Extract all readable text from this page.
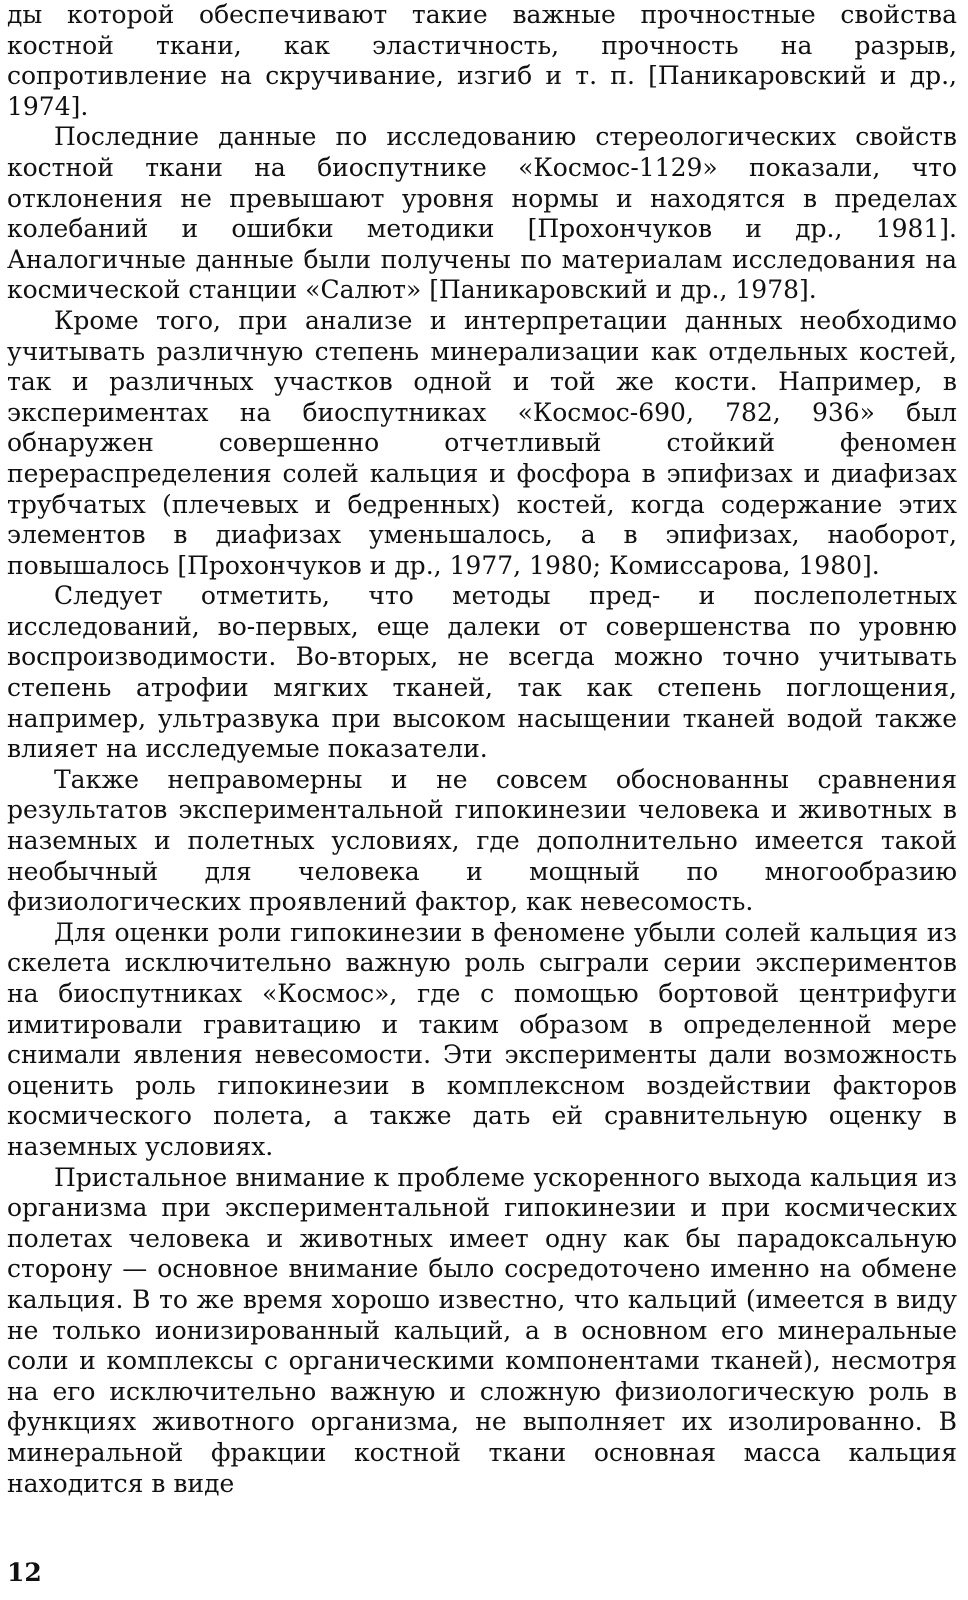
ды которой обеспечивают такие важные прочностные свойства костной ткани, как эластичность, прочность на разрыв, сопротивление на скручивание, изгиб и т. п. [Паникаровский и др., 1974].

Последние данные по исследованию стереологических свойств костной ткани на биоспутнике «Космос-1129» показали, что отклонения не превышают уровня нормы и находятся в пределах колебаний и ошибки методики [Прохончуков и др., 1981]. Аналогичные данные были получены по материалам исследования на космической станции «Салют» [Паникаровский и др., 1978].

Кроме того, при анализе и интерпретации данных необходимо учитывать различную степень минерализации как отдельных костей, так и различных участков одной и той же кости. Например, в экспериментах на биоспутниках «Космос-690, 782, 936» был обнаружен совершенно отчетливый стойкий феномен перераспределения солей кальция и фосфора в эпифизах и диафизах трубчатых (плечевых и бедренных) костей, когда содержание этих элементов в диафизах уменьшалось, а в эпифизах, наоборот, повышалось [Прохончуков и др., 1977, 1980; Комиссарова, 1980].

Следует отметить, что методы пред- и послеполетных исследований, во-первых, еще далеки от совершенства по уровню воспроизводимости. Во-вторых, не всегда можно точно учитывать степень атрофии мягких тканей, так как степень поглощения, например, ультразвука при высоком насыщении тканей водой также влияет на исследуемые показатели.

Также неправомерны и не совсем обоснованны сравнения результатов экспериментальной гипокинезии человека и животных в наземных и полетных условиях, где дополнительно имеется такой необычный для человека и мощный по многообразию физиологических проявлений фактор, как невесомость.

Для оценки роли гипокинезии в феномене убыли солей кальция из скелета исключительно важную роль сыграли серии экспериментов на биоспутниках «Космос», где с помощью бортовой центрифуги имитировали гравитацию и таким образом в определенной мере снимали явления невесомости. Эти эксперименты дали возможность оценить роль гипокинезии в комплексном воздействии факторов космического полета, а также дать ей сравнительную оценку в наземных условиях.

Пристальное внимание к проблеме ускоренного выхода кальция из организма при экспериментальной гипокинезии и при космических полетах человека и животных имеет одну как бы парадоксальную сторону — основное внимание было сосредоточено именно на обмене кальция. В то же время хорошо известно, что кальций (имеется в виду не только ионизированный кальций, а в основном его минеральные соли и комплексы с органическими компонентами тканей), несмотря на его исключительно важную и сложную физиологическую роль в функциях животного организма, не выполняет их изолированно. В минеральной фракции костной ткани основная масса кальция находится в виде

12
